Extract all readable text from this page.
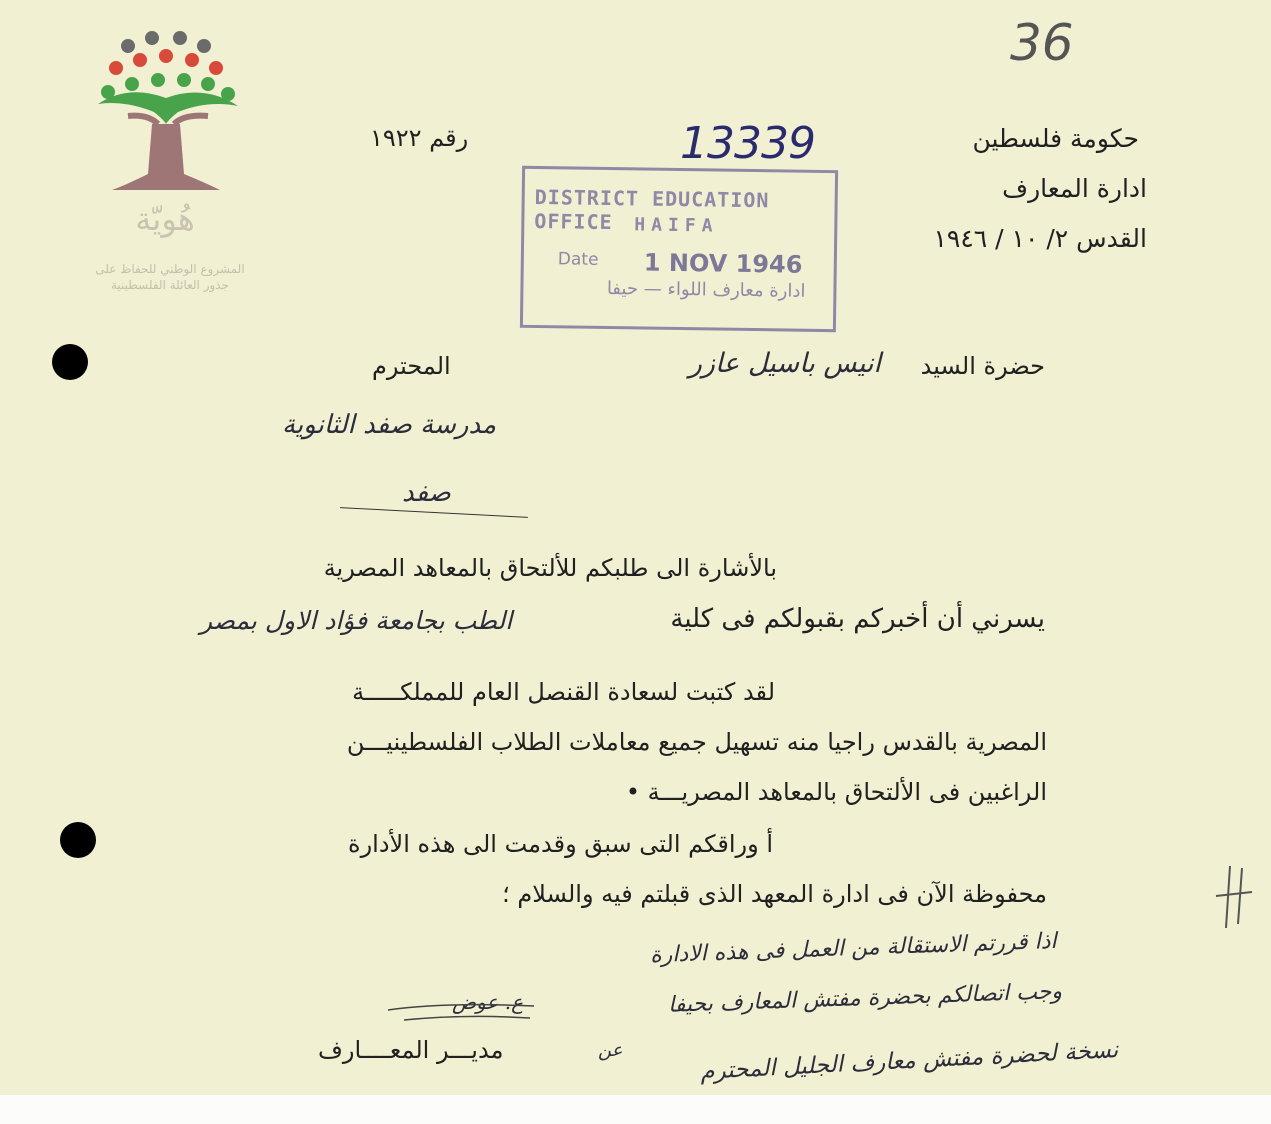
هُويّة
المشروع الوطني للحفاظ على
جذور العائلة الفلسطينية
36
حكومة فلسطين
ادارة المعارف
القدس ٢/ ١٠ / ١٩٤٦
رقم ١٩٢٢	13339
DISTRICT EDUCATION OFFICE	HAIFA
Date 1 NOV 1946
ادارة معارف اللواء — حيفا
حضرة السيد
انيس باسيل عازر
المحترم
مدرسة صفد الثانوية
صفد
بالأشارة الى طلبكم للألتحاق بالمعاهد المصرية
يسرني أن أخبركم بقبولكم فى كلية
الطب بجامعة فؤاد الاول بمصر
لقد كتبت لسعادة القنصل العام للمملكـــــة
المصرية بالقدس راجيا منه تسهيل جميع معاملات الطلاب الفلسطينيـــن
الراغبين فى الألتحاق بالمعاهد المصريـــة •
أ وراقكم التى سبق وقدمت الى هذه الأدارة
محفوظة الآن فى ادارة المعهد الذى قبلتم فيه والسلام ؛
اذا قررتم الاستقالة من العمل فى هذه الادارة
وجب اتصالكم بحضرة مفتش المعارف بحيفا
نسخة لحضرة مفتش معارف الجليل المحترم
ع. عوض
مديـــر المعــــارف	عن
